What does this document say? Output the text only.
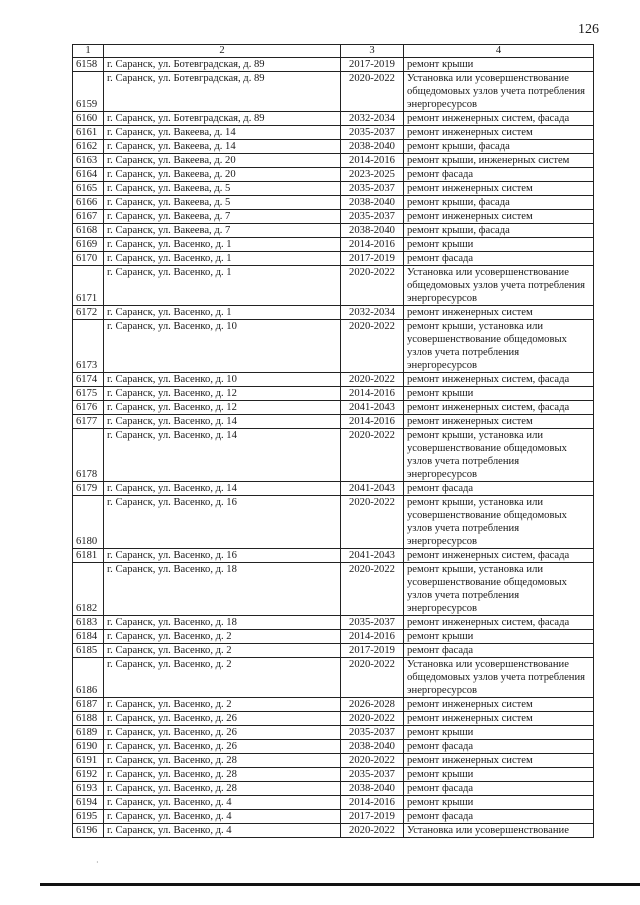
126
1	2	3	4
6158	г. Саранск, ул. Ботевградская, д. 89	2017-2019	ремонт крыши
6159	г. Саранск, ул. Ботевградская, д. 89	2020-2022	Установка или усовершенствование общедомовых узлов учета потребления энергоресурсов
6160	г. Саранск, ул. Ботевградская, д. 89	2032-2034	ремонт инженерных систем, фасада
6161	г. Саранск, ул. Вакеева, д. 14	2035-2037	ремонт инженерных систем
6162	г. Саранск, ул. Вакеева, д. 14	2038-2040	ремонт крыши, фасада
6163	г. Саранск, ул. Вакеева, д. 20	2014-2016	ремонт крыши, инженерных систем
6164	г. Саранск, ул. Вакеева, д. 20	2023-2025	ремонт фасада
6165	г. Саранск, ул. Вакеева, д. 5	2035-2037	ремонт инженерных систем
6166	г. Саранск, ул. Вакеева, д. 5	2038-2040	ремонт крыши, фасада
6167	г. Саранск, ул. Вакеева, д. 7	2035-2037	ремонт инженерных систем
6168	г. Саранск, ул. Вакеева, д. 7	2038-2040	ремонт крыши, фасада
6169	г. Саранск, ул. Васенко, д. 1	2014-2016	ремонт крыши
6170	г. Саранск, ул. Васенко, д. 1	2017-2019	ремонт фасада
6171	г. Саранск, ул. Васенко, д. 1	2020-2022	Установка или усовершенствование общедомовых узлов учета потребления энергоресурсов
6172	г. Саранск, ул. Васенко, д. 1	2032-2034	ремонт инженерных систем
6173	г. Саранск, ул. Васенко, д. 10	2020-2022	ремонт крыши, установка или усовершенствование общедомовых узлов учета потребления энергоресурсов
6174	г. Саранск, ул. Васенко, д. 10	2020-2022	ремонт инженерных систем, фасада
6175	г. Саранск, ул. Васенко, д. 12	2014-2016	ремонт крыши
6176	г. Саранск, ул. Васенко, д. 12	2041-2043	ремонт инженерных систем, фасада
6177	г. Саранск, ул. Васенко, д. 14	2014-2016	ремонт инженерных систем
6178	г. Саранск, ул. Васенко, д. 14	2020-2022	ремонт крыши, установка или усовершенствование общедомовых узлов учета потребления энергоресурсов
6179	г. Саранск, ул. Васенко, д. 14	2041-2043	ремонт фасада
6180	г. Саранск, ул. Васенко, д. 16	2020-2022	ремонт крыши, установка или усовершенствование общедомовых узлов учета потребления энергоресурсов
6181	г. Саранск, ул. Васенко, д. 16	2041-2043	ремонт инженерных систем, фасада
6182	г. Саранск, ул. Васенко, д. 18	2020-2022	ремонт крыши, установка или усовершенствование общедомовых узлов учета потребления энергоресурсов
6183	г. Саранск, ул. Васенко, д. 18	2035-2037	ремонт инженерных систем, фасада
6184	г. Саранск, ул. Васенко, д. 2	2014-2016	ремонт крыши
6185	г. Саранск, ул. Васенко, д. 2	2017-2019	ремонт фасада
6186	г. Саранск, ул. Васенко, д. 2	2020-2022	Установка или усовершенствование общедомовых узлов учета потребления энергоресурсов
6187	г. Саранск, ул. Васенко, д. 2	2026-2028	ремонт инженерных систем
6188	г. Саранск, ул. Васенко, д. 26	2020-2022	ремонт инженерных систем
6189	г. Саранск, ул. Васенко, д. 26	2035-2037	ремонт крыши
6190	г. Саранск, ул. Васенко, д. 26	2038-2040	ремонт фасада
6191	г. Саранск, ул. Васенко, д. 28	2020-2022	ремонт инженерных систем
6192	г. Саранск, ул. Васенко, д. 28	2035-2037	ремонт крыши
6193	г. Саранск, ул. Васенко, д. 28	2038-2040	ремонт фасада
6194	г. Саранск, ул. Васенко, д. 4	2014-2016	ремонт крыши
6195	г. Саранск, ул. Васенко, д. 4	2017-2019	ремонт фасада
6196	г. Саранск, ул. Васенко, д. 4	2020-2022	Установка или усовершенствование
·
